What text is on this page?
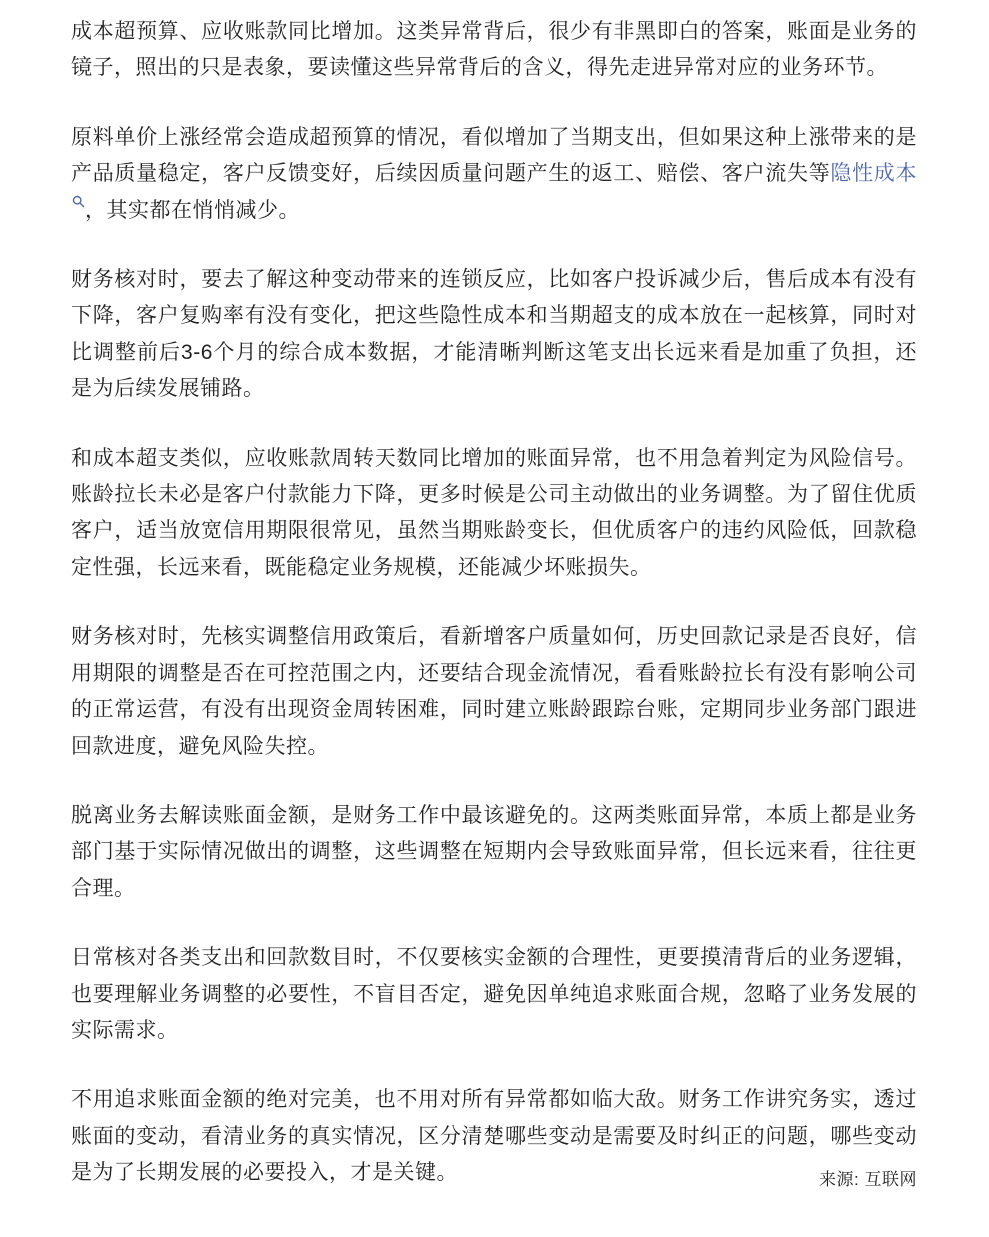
成本超预算、应收账款同比增加。这类异常背后，很少有非黑即白的答案，账面是业务的镜子，照出的只是表象，要读懂这些异常背后的含义，得先走进异常对应的业务环节。

原料单价上涨经常会造成超预算的情况，看似增加了当期支出，但如果这种上涨带来的是产品质量稳定，客户反馈变好，后续因质量问题产生的返工、赔偿、客户流失等隐性成本
，其实都在悄悄减少。

财务核对时，要去了解这种变动带来的连锁反应，比如客户投诉减少后，售后成本有没有下降，客户复购率有没有变化，把这些隐性成本和当期超支的成本放在一起核算，同时对比调整前后3-6个月的综合成本数据，才能清晰判断这笔支出长远来看是加重了负担，还是为后续发展铺路。

和成本超支类似，应收账款周转天数同比增加的账面异常，也不用急着判定为风险信号。账龄拉长未必是客户付款能力下降，更多时候是公司主动做出的业务调整。为了留住优质客户，适当放宽信用期限很常见，虽然当期账龄变长，但优质客户的违约风险低，回款稳定性强，长远来看，既能稳定业务规模，还能减少坏账损失。

财务核对时，先核实调整信用政策后，看新增客户质量如何，历史回款记录是否良好，信用期限的调整是否在可控范围之内，还要结合现金流情况，看看账龄拉长有没有影响公司的正常运营，有没有出现资金周转困难，同时建立账龄跟踪台账，定期同步业务部门跟进回款进度，避免风险失控。

脱离业务去解读账面金额，是财务工作中最该避免的。这两类账面异常，本质上都是业务部门基于实际情况做出的调整，这些调整在短期内会导致账面异常，但长远来看，往往更合理。

日常核对各类支出和回款数目时，不仅要核实金额的合理性，更要摸清背后的业务逻辑，也要理解业务调整的必要性，不盲目否定，避免因单纯追求账面合规，忽略了业务发展的实际需求。

不用追求账面金额的绝对完美，也不用对所有异常都如临大敌。财务工作讲究务实，透过账面的变动，看清业务的真实情况，区分清楚哪些变动是需要及时纠正的问题，哪些变动是为了长期发展的必要投入，才是关键。	来源: 互联网
